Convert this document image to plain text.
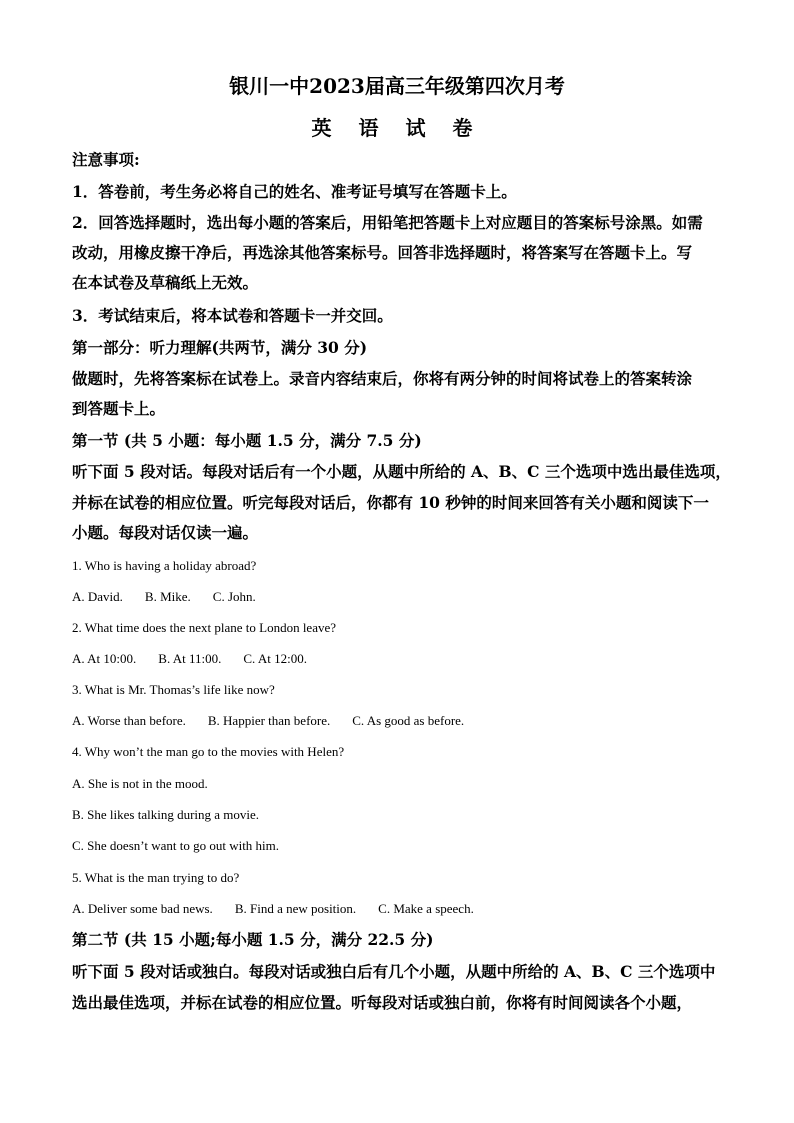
银川一中2023届高三年级第四次月考
英 语 试 卷
注意事项:
1．答卷前，考生务必将自己的姓名、准考证号填写在答题卡上。
2．回答选择题时，选出每小题的答案后，用铅笔把答题卡上对应题目的答案标号涂黑。如需
改动，用橡皮擦干净后，再选涂其他答案标号。回答非选择题时，将答案写在答题卡上。写
在本试卷及草稿纸上无效。
3．考试结束后，将本试卷和答题卡一并交回。
第一部分：听力理解(共两节，满分 30 分)
做题时，先将答案标在试卷上。录音内容结束后，你将有两分钟的时间将试卷上的答案转涂
到答题卡上。
第一节 (共 5 小题：每小题 1.5 分，满分 7.5 分)
听下面 5 段对话。每段对话后有一个小题，从题中所给的 A、B、C 三个选项中选出最佳选项，
并标在试卷的相应位置。听完每段对话后，你都有 10 秒钟的时间来回答有关小题和阅读下一
小题。每段对话仅读一遍。
1. Who is having a holiday abroad?
A. David. B. Mike. C. John.
2. What time does the next plane to London leave?
A. At 10:00. B. At 11:00. C. At 12:00.
3. What is Mr. Thomas’s life like now?
A. Worse than before. B. Happier than before. C. As good as before.
4. Why won’t the man go to the movies with Helen?
A. She is not in the mood.
B. She likes talking during a movie.
C. She doesn’t want to go out with him.
5. What is the man trying to do?
A. Deliver some bad news. B. Find a new position. C. Make a speech.
第二节 (共 15 小题;每小题 1.5 分，满分 22.5 分)
听下面 5 段对话或独白。每段对话或独白后有几个小题，从题中所给的 A、B、C 三个选项中
选出最佳选项，并标在试卷的相应位置。听每段对话或独白前，你将有时间阅读各个小题，
